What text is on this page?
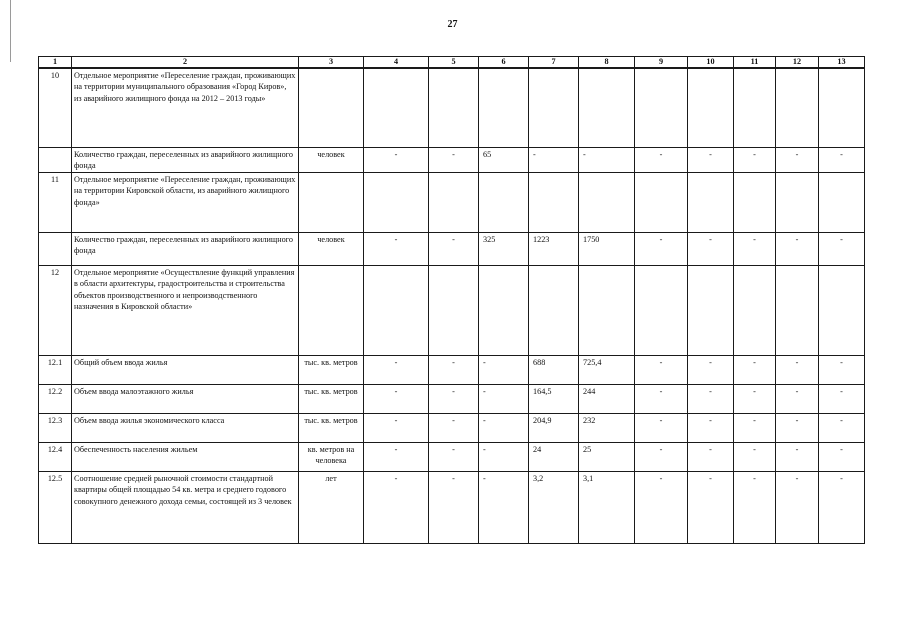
27
1	2	3	4	5	6	7	8	9	10	11	12	13
10	Отдельное мероприятие «Переселение граждан, проживающих на территории муниципального образования «Город Киров», из аварийного жилищного фонда на 2012 – 2013 годы»											
	Количество граждан, переселенных из аварийного жилищного фонда	человек	-	-	65	-	-	-	-	-	-	-
11	Отдельное мероприятие «Переселение граждан, проживающих на территории Кировской области, из аварийного жилищного фонда»											
	Количество граждан, переселенных из аварийного жилищного фонда	человек	-	-	325	1223	1750	-	-	-	-	-
12	Отдельное мероприятие «Осуществление функций управления в области архитектуры, градостроительства и строительства объектов производственного и непроизводственного назначения в Кировской области»											
12.1	Общий объем ввода жилья	тыс. кв. метров	-	-	-	688	725,4	-	-	-	-	-
12.2	Объем ввода малоэтажного жилья	тыс. кв. метров	-	-	-	164,5	244	-	-	-	-	-
12.3	Объем ввода жилья экономического класса	тыс. кв. метров	-	-	-	204,9	232	-	-	-	-	-
12.4	Обеспеченность населения жильем	кв. метров на человека	-	-	-	24	25	-	-	-	-	-
12.5	Соотношение средней рыночной стоимости стандартной квартиры общей площадью 54 кв. метра и среднего годового совокупного денежного дохода семьи, состоящей из 3 человек	лет	-	-	-	3,2	3,1	-	-	-	-	-
